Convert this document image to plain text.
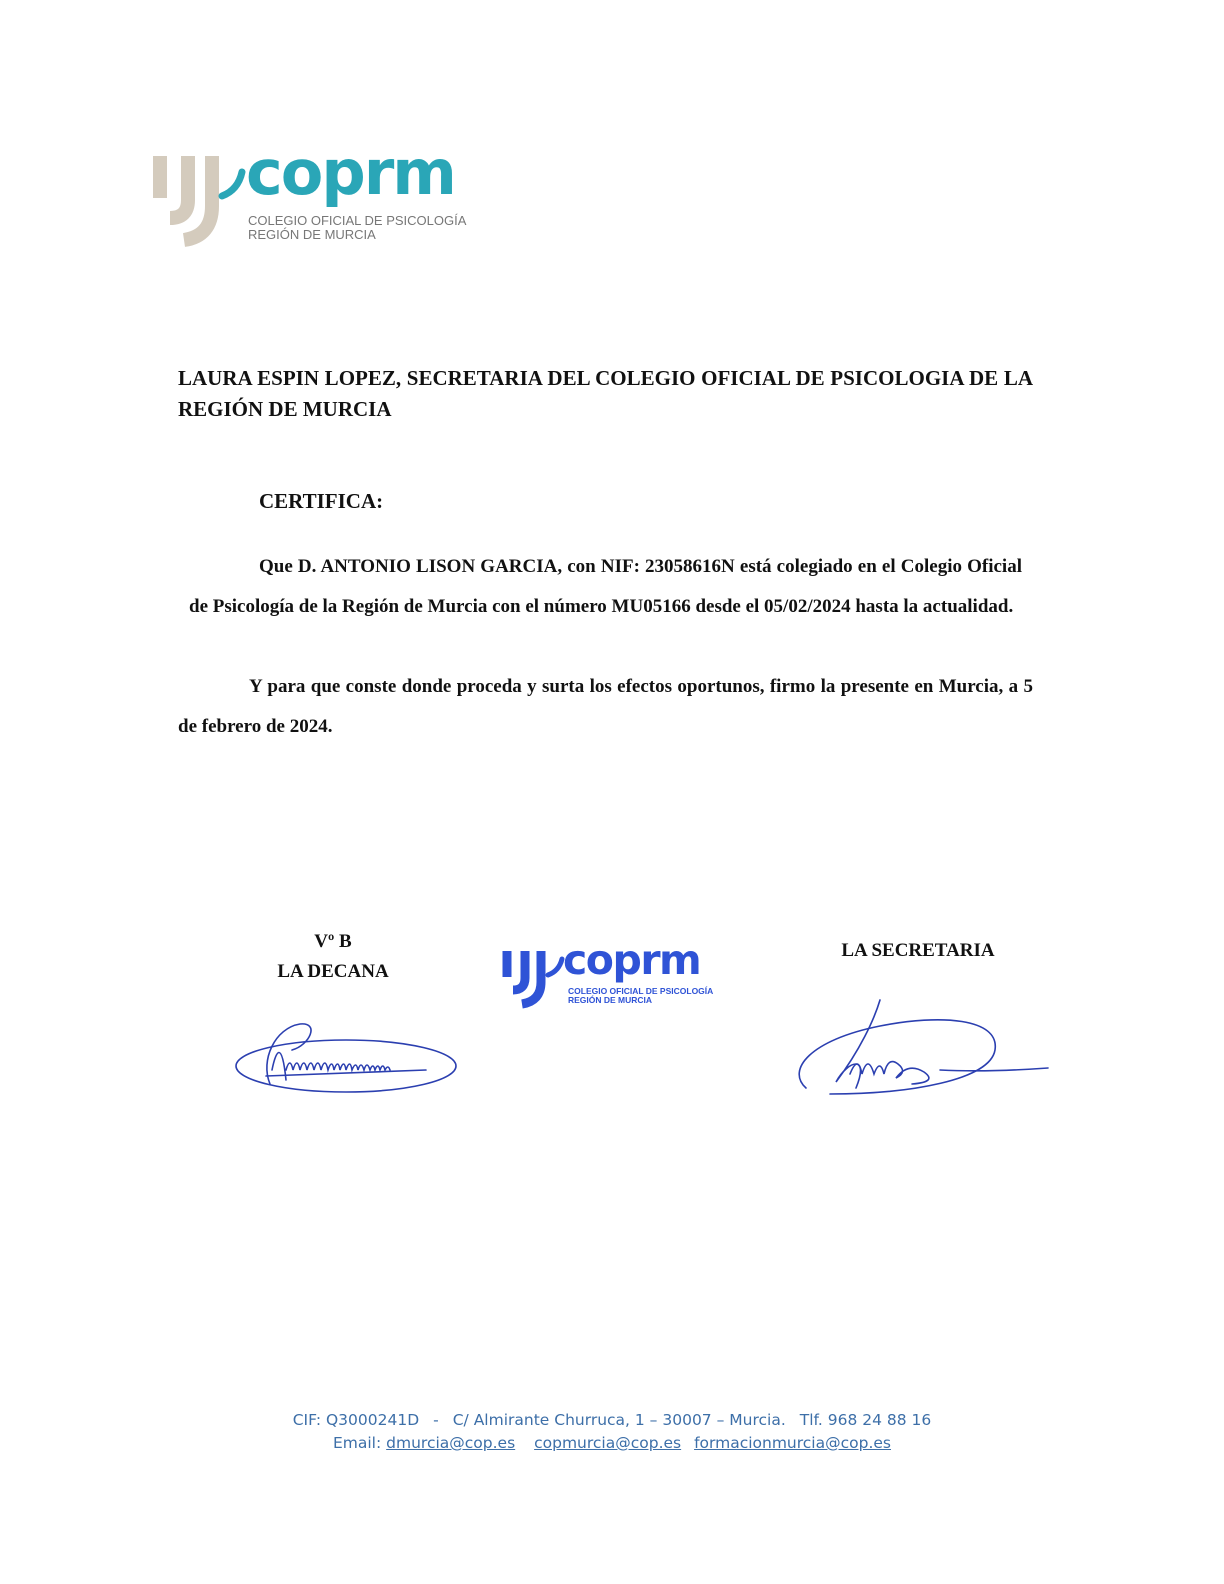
coprm
COLEGIO OFICIAL DE PSICOLOGÍA
REGIÓN DE MURCIA
LAURA ESPIN LOPEZ, SECRETARIA DEL COLEGIO OFICIAL DE PSICOLOGIA DE LA REGIÓN DE MURCIA
CERTIFICA:
Que D. ANTONIO LISON GARCIA, con NIF: 23058616N está colegiado en el Colegio Oficial de Psicología de la Región de Murcia con el número MU05166 desde el 05/02/2024 hasta la actualidad.
Y para que conste donde proceda y surta los efectos oportunos, firmo la presente en Murcia, a 5 de febrero de 2024.
Vº B
LA DECANA
LA SECRETARIA
coprm
COLEGIO OFICIAL DE PSICOLOGÍA
REGIÓN DE MURCIA
CIF: Q3000241D - C/ Almirante Churruca, 1 – 30007 – Murcia. Tlf. 968 24 88 16
Email: dmurcia@cop.es copmurcia@cop.es formacionmurcia@cop.es
